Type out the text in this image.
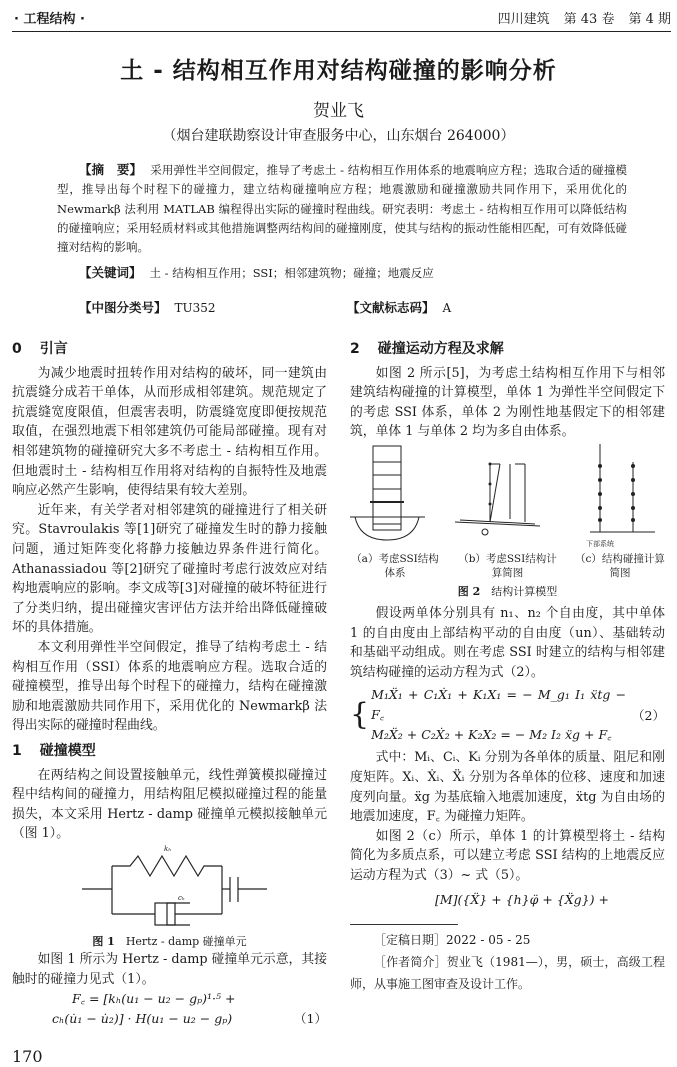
· 工程结构 ·	四川建筑 第 43 卷 第 4 期
土 - 结构相互作用对结构碰撞的影响分析
贺业飞
（烟台建联勘察设计审查服务中心，山东烟台 264000）
【摘　要】 采用弹性半空间假定，推导了考虑土 - 结构相互作用体系的地震响应方程；选取合适的碰撞模型，推导出每个时程下的碰撞力，建立结构碰撞响应方程；地震激励和碰撞激励共同作用下，采用优化的 Newmarkβ 法利用 MATLAB 编程得出实际的碰撞时程曲线。研究表明：考虑土 - 结构相互作用可以降低结构的碰撞响应；采用轻质材料或其他措施调整两结构间的碰撞刚度，使其与结构的振动性能相匹配，可有效降低碰撞对结构的影响。
【关键词】 土 - 结构相互作用；SSI；相邻建筑物；碰撞；地震反应
【中图分类号】 TU352	【文献标志码】 A
0 引言

为减少地震时扭转作用对结构的破坏，同一建筑由抗震缝分成若干单体，从而形成相邻建筑。规范规定了抗震缝宽度限值，但震害表明，防震缝宽度即便按规范取值，在强烈地震下相邻建筑仍可能局部碰撞。现有对相邻建筑物的碰撞研究大多不考虑土 - 结构相互作用。但地震时土 - 结构相互作用将对结构的自振特性及地震响应必然产生影响，使得结果有较大差别。

近年来，有关学者对相邻建筑的碰撞进行了相关研究。Stavroulakis 等[1]研究了碰撞发生时的静力接触问题，通过矩阵变化将静力接触边界条件进行简化。Athanassiadou 等[2]研究了碰撞时考虑行波效应对结构地震响应的影响。李文成等[3]对碰撞的破坏特征进行了分类归纳，提出碰撞灾害评估方法并给出降低碰撞破坏的具体措施。

本文利用弹性半空间假定，推导了结构考虑土 - 结构相互作用（SSI）体系的地震响应方程。选取合适的碰撞模型，推导出每个时程下的碰撞力，结构在碰撞激励和地震激励共同作用下，采用优化的 Newmarkβ 法得出实际的碰撞时程曲线。

1 碰撞模型

在两结构之间设置接触单元，线性弹簧模拟碰撞过程中结构间的碰撞力，用结构阻尼模拟碰撞过程的能量损失，本文采用 Hertz - damp 碰撞单元模拟接触单元（图 1）。

kₕ
cₕ
图 1　 Hertz - damp 碰撞单元

如图 1 所示为 Hertz - damp 碰撞单元示意，其接触时的碰撞力见式（1）。

F꜀ = [kₕ(u₁ − u₂ − gₚ)¹·⁵ +
cₕ(u̇₁ − u̇₂)] · H(u₁ − u₂ − gₚ)	（1）
170
2 碰撞运动方程及求解

如图 2 所示[5]，为考虑土结构相互作用下与相邻建筑结构碰撞的计算模型，单体 1 为弹性半空间假定下的考虑 SSI 体系，单体 2 为刚性地基假定下的相邻建筑，单体 1 与单体 2 均为多自由体系。

下部系统
（a）考虑SSI结构体系
（b）考虑SSI结构计算简图
（c）结构碰撞计算简图
图 2　 结构计算模型

假设两单体分别具有 n₁、n₂ 个自由度，其中单体 1 的自由度由上部结构平动的自由度（un）、基础转动和基础平动组成。则在考虑 SSI 时建立的结构与相邻建筑结构碰撞的运动方程为式（2）。

{
M₁Ẍ₁ + C₁Ẋ₁ + K₁X₁ = − M_g₁ I₁ ẍtg − F꜀
M₂Ẍ₂ + C₂Ẋ₂ + K₂X₂ = − M₂ I₂ ẍg + F꜀
（2）

式中：Mᵢ、Cᵢ、Kᵢ 分别为各单体的质量、阻尼和刚度矩阵。Xᵢ、Ẋᵢ、Ẍᵢ 分别为各单体的位移、速度和加速度列向量。ẍg 为基底输入地震加速度，ẍtg 为自由场的地震加速度，F꜀ 为碰撞力矩阵。

如图 2（c）所示，单体 1 的计算模型将土 - 结构简化为多质点系，可以建立考虑 SSI 结构的上地震反应运动方程为式（3）~ 式（5）。

[M]({Ẍ} + {h}φ̈ + {Ẍg}) +

［定稿日期］2022 - 05 - 25

［作者简介］贺业飞（1981—），男，硕士，高级工程师，从事施工图审查及设计工作。
